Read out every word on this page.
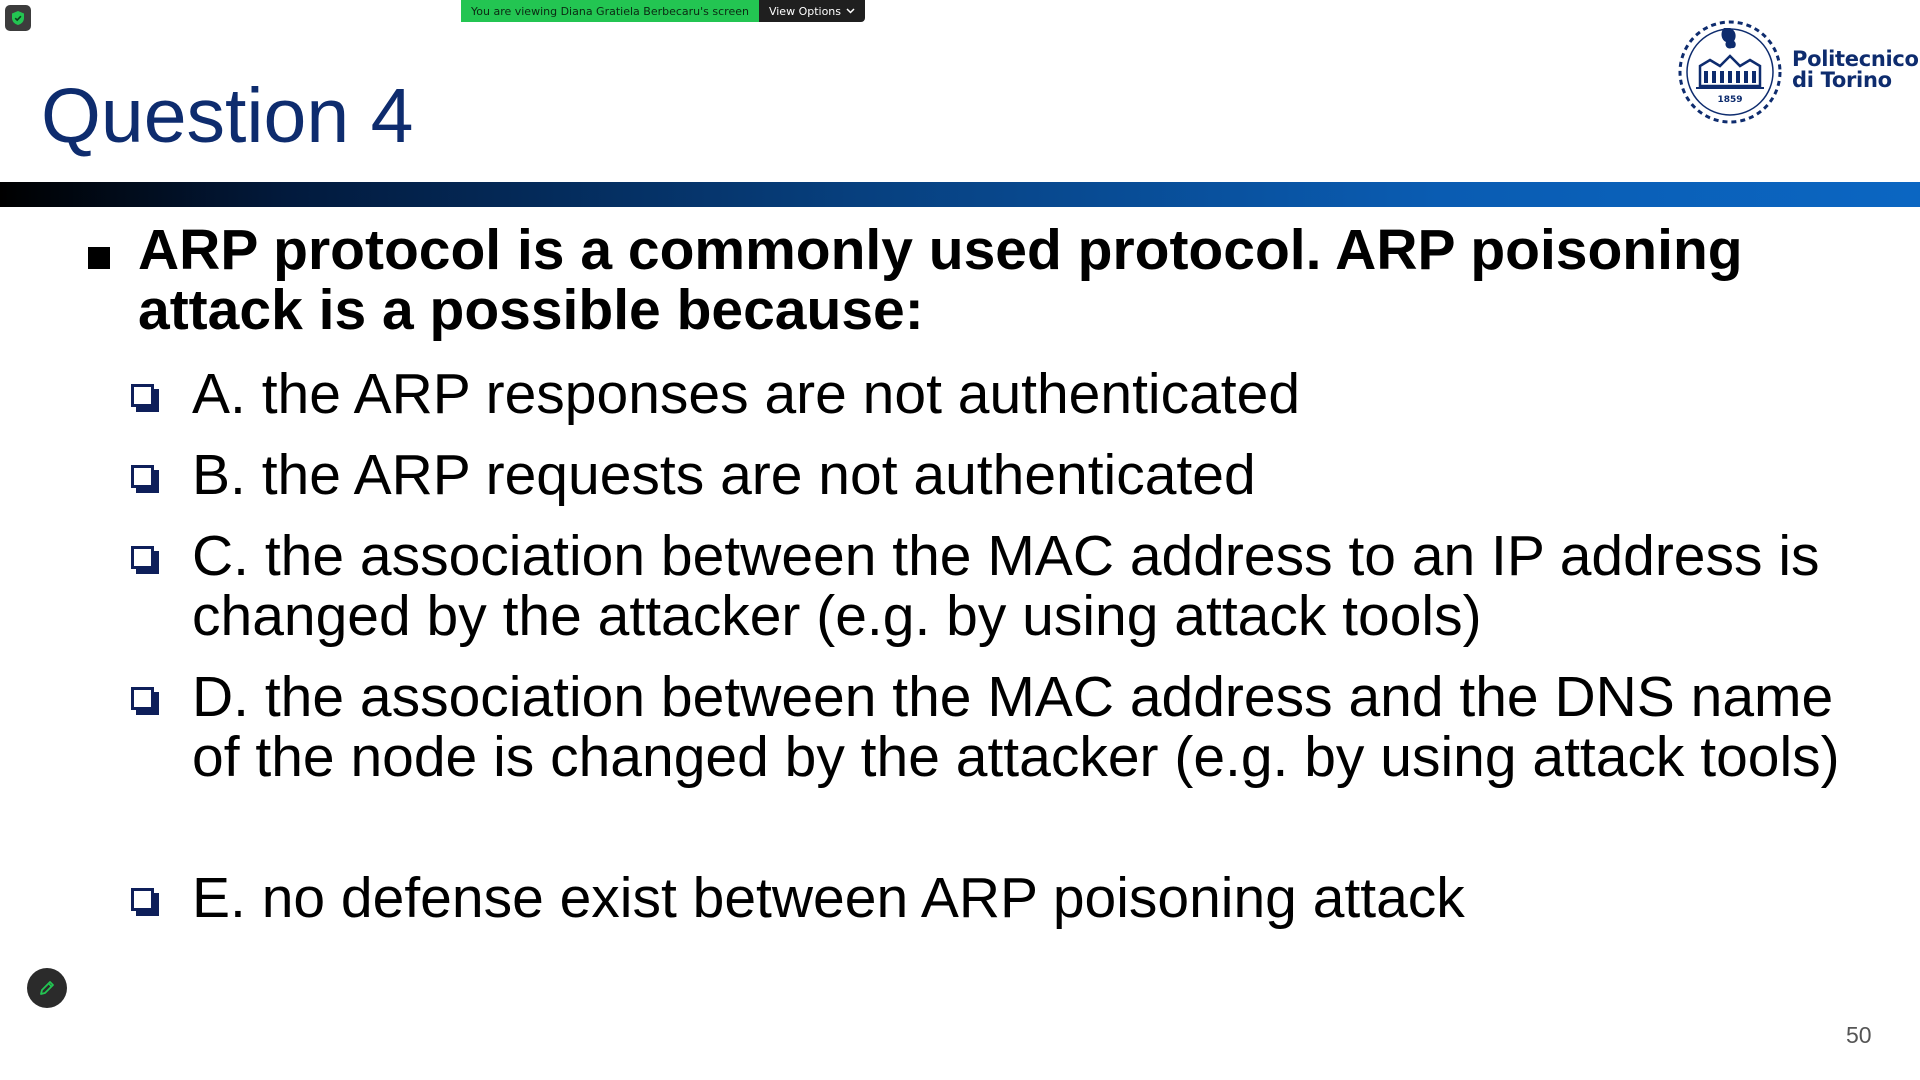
You are viewing Diana Gratiela Berbecaru's screen	View Options
Question 4	1859
Politecnico
di Torino
ARP protocol is a commonly used protocol. ARP poisoning attack is a possible because:
A. the ARP responses are not authenticated
B. the ARP requests are not authenticated
C. the association between the MAC address to an IP address is changed by the attacker (e.g. by using attack tools)
D. the association between the MAC address and the DNS name of the node is changed by the attacker (e.g. by using attack tools)
E. no defense exist between ARP poisoning attack
50
